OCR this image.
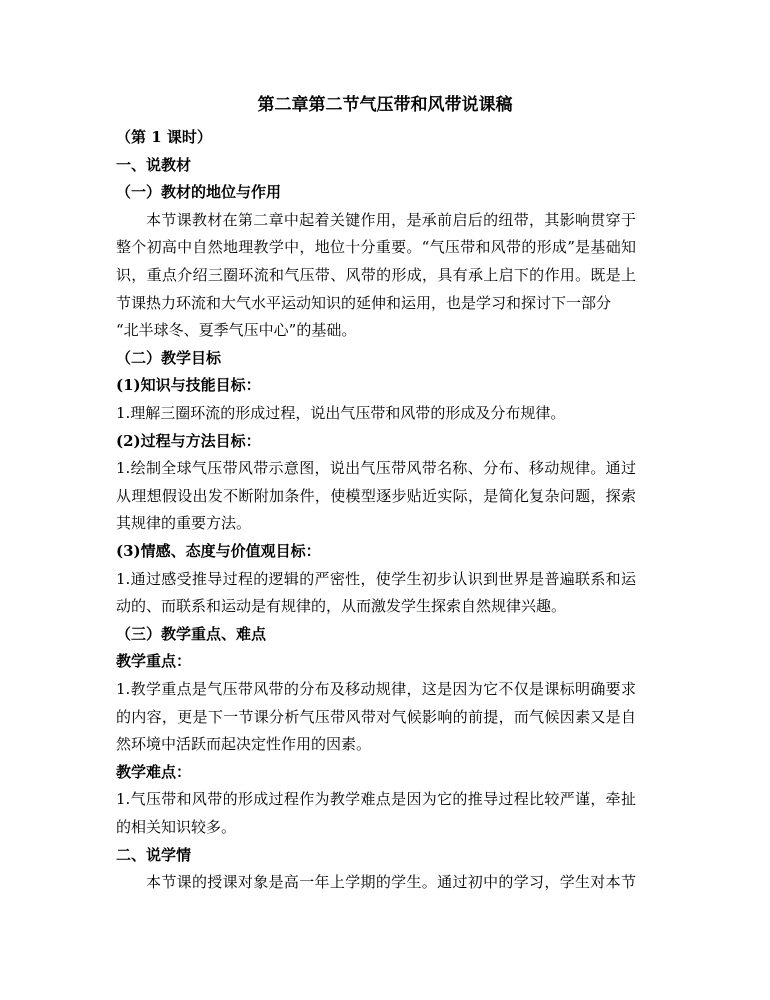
第二章第二节气压带和风带说课稿
（第 1 课时）
一、说教材
（一）教材的地位与作用
本节课教材在第二章中起着关键作用，是承前启后的纽带，其影响贯穿于
整个初高中自然地理教学中，地位十分重要。“气压带和风带的形成”是基础知
识，重点介绍三圈环流和气压带、风带的形成，具有承上启下的作用。既是上
节课热力环流和大气水平运动知识的延伸和运用，也是学习和探讨下一部分
“北半球冬、夏季气压中心”的基础。
（二）教学目标
(1)知识与技能目标：
1.理解三圈环流的形成过程，说出气压带和风带的形成及分布规律。
(2)过程与方法目标：
1.绘制全球气压带风带示意图，说出气压带风带名称、分布、移动规律。通过
从理想假设出发不断附加条件，使模型逐步贴近实际，是简化复杂问题，探索
其规律的重要方法。
(3)情感、态度与价值观目标：
1.通过感受推导过程的逻辑的严密性，使学生初步认识到世界是普遍联系和运
动的、而联系和运动是有规律的，从而激发学生探索自然规律兴趣。
（三）教学重点、难点
教学重点：
1.教学重点是气压带风带的分布及移动规律，这是因为它不仅是课标明确要求
的内容，更是下一节课分析气压带风带对气候影响的前提，而气候因素又是自
然环境中活跃而起决定性作用的因素。
教学难点：
1.气压带和风带的形成过程作为教学难点是因为它的推导过程比较严谨，牵扯
的相关知识较多。
二、说学情
本节课的授课对象是高一年上学期的学生。通过初中的学习，学生对本节
